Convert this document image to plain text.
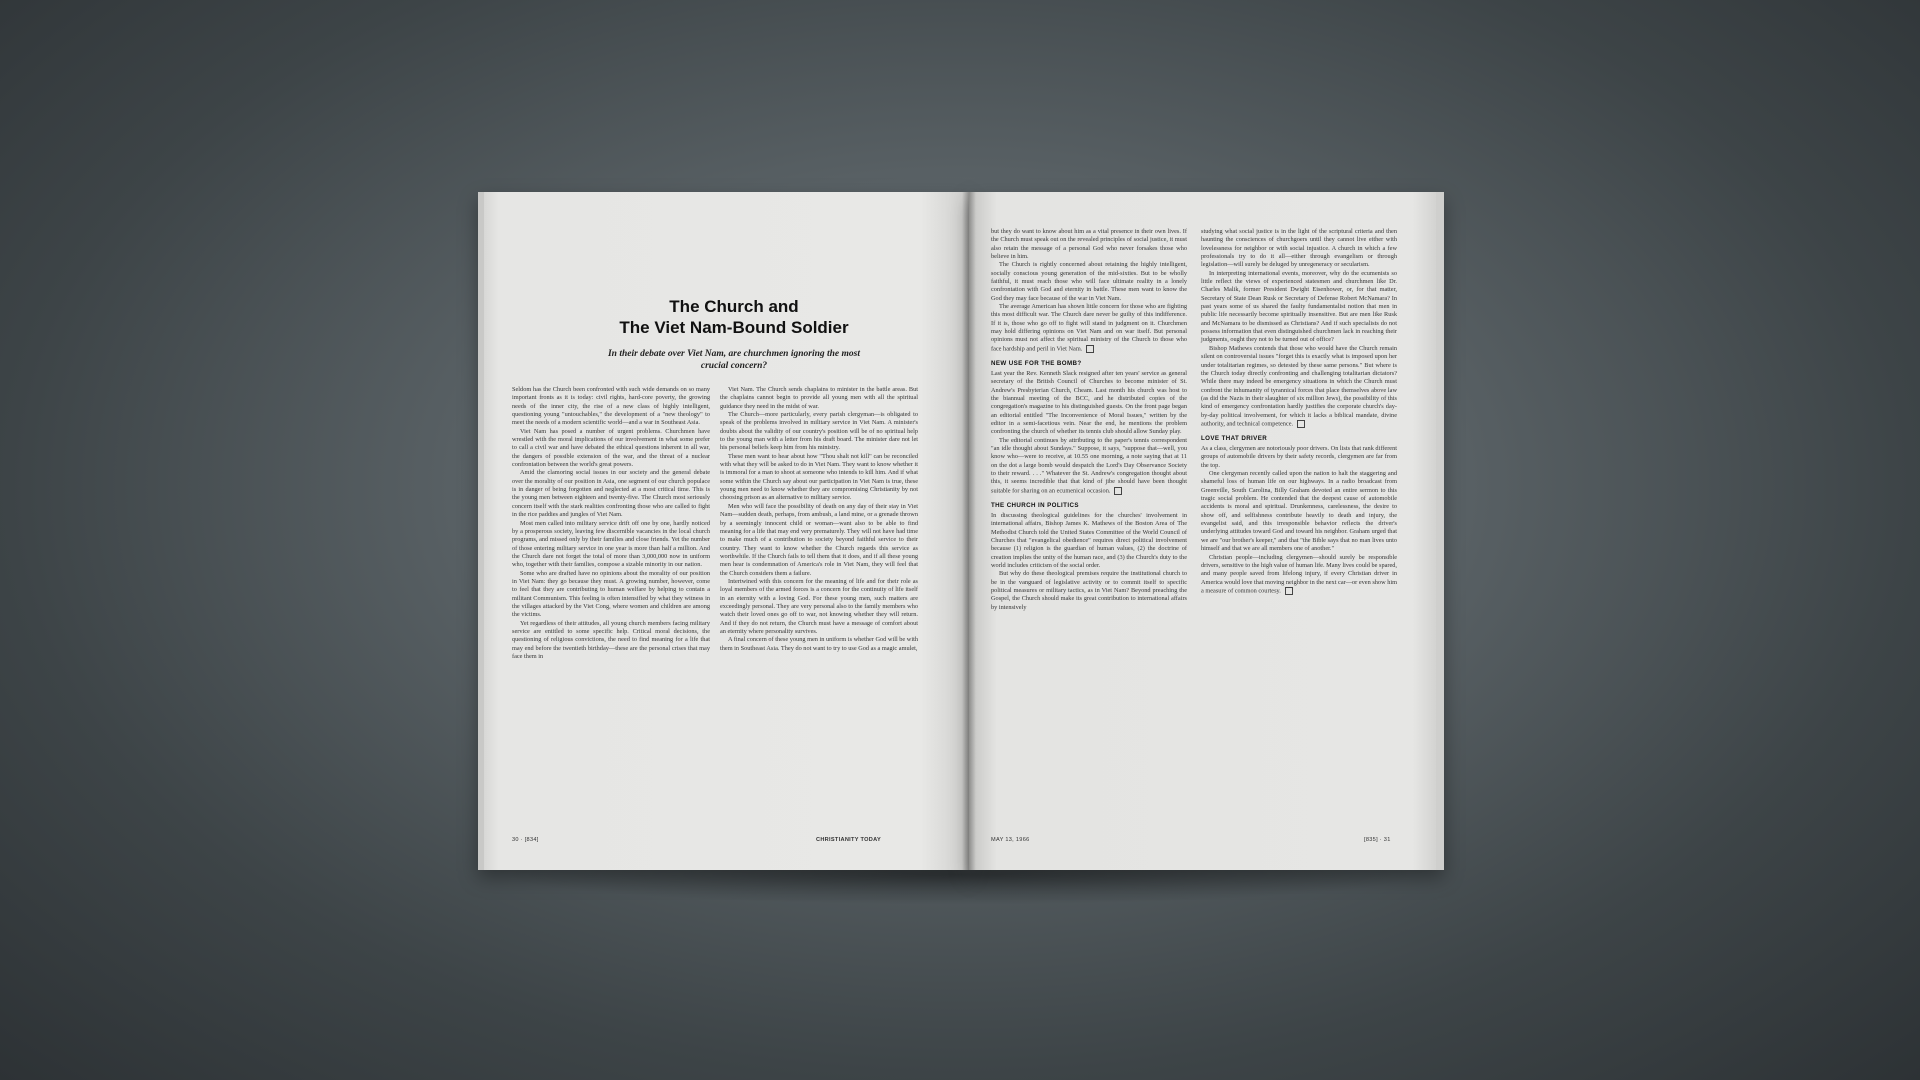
The Church and
The Viet Nam-Bound Soldier
In their debate over Viet Nam, are churchmen ignoring the most crucial concern?

Seldom has the Church been confronted with such wide demands on so many important fronts as it is today: civil rights, hard-core poverty, the growing needs of the inner city, the rise of a new class of highly intelligent, questioning young "untouchables," the development of a "new theology" to meet the needs of a modern scientific world—and a war in Southeast Asia.

Viet Nam has posed a number of urgent problems. Churchmen have wrestled with the moral implications of our involvement in what some prefer to call a civil war and have debated the ethical questions inherent in all war, the dangers of possible extension of the war, and the threat of a nuclear confrontation between the world's great powers.

Amid the clamoring social issues in our society and the general debate over the morality of our position in Asia, one segment of our church populace is in danger of being forgotten and neglected at a most critical time. This is the young men between eighteen and twenty-five. The Church most seriously concern itself with the stark realities confronting those who are called to fight in the rice paddies and jungles of Viet Nam.

Most men called into military service drift off one by one, hardly noticed by a prosperous society, leaving few discernible vacancies in the local church programs, and missed only by their families and close friends. Yet the number of those entering military service in one year is more than half a million. And the Church dare not forget the total of more than 3,000,000 now in uniform who, together with their families, compose a sizable minority in our nation.

Some who are drafted have no opinions about the morality of our position in Viet Nam: they go because they must. A growing number, however, come to feel that they are contributing to human welfare by helping to contain a militant Communism. This feeling is often intensified by what they witness in the villages attacked by the Viet Cong, where women and children are among the victims.

Yet regardless of their attitudes, all young church members facing military service are entitled to some specific help. Critical moral decisions, the questioning of religious convictions, the need to find meaning for a life that may end before the twentieth birthday—these are the personal crises that may face them in

Viet Nam. The Church sends chaplains to minister in the battle areas. But the chaplains cannot begin to provide all young men with all the spiritual guidance they need in the midst of war.

The Church—more particularly, every parish clergyman—is obligated to speak of the problems involved in military service in Viet Nam. A minister's doubts about the validity of our country's position will be of no spiritual help to the young man with a letter from his draft board. The minister dare not let his personal beliefs keep him from his ministry.

These men want to hear about how "Thou shalt not kill" can be reconciled with what they will be asked to do in Viet Nam. They want to know whether it is immoral for a man to shoot at someone who intends to kill him. And if what some within the Church say about our participation in Viet Nam is true, these young men need to know whether they are compromising Christianity by not choosing prison as an alternative to military service.

Men who will face the possibility of death on any day of their stay in Viet Nam—sudden death, perhaps, from ambush, a land mine, or a grenade thrown by a seemingly innocent child or woman—want also to be able to find meaning for a life that may end very prematurely. They will not have had time to make much of a contribution to society beyond faithful service to their country. They want to know whether the Church regards this service as worthwhile. If the Church fails to tell them that it does, and if all these young men hear is condemnation of America's role in Viet Nam, they will feel that the Church considers them a failure.

Intertwined with this concern for the meaning of life and for their role as loyal members of the armed forces is a concern for the continuity of life itself in an eternity with a loving God. For these young men, such matters are exceedingly personal. They are very personal also to the family members who watch their loved ones go off to war, not knowing whether they will return. And if they do not return, the Church must have a message of comfort about an eternity where personality survives.

A final concern of these young men in uniform is whether God will be with them in Southeast Asia. They do not want to try to use God as a magic amulet,

30 · [834]	CHRISTIANITY TODAY

but they do want to know about him as a vital presence in their own lives. If the Church must speak out on the revealed principles of social justice, it must also retain the message of a personal God who never forsakes those who believe in him.

The Church is rightly concerned about retaining the highly intelligent, socially conscious young generation of the mid-sixties. But to be wholly faithful, it must reach those who will face ultimate reality in a lonely confrontation with God and eternity in battle. These men want to know the God they may face because of the war in Viet Nam.

The average American has shown little concern for those who are fighting this most difficult war. The Church dare never be guilty of this indifference. If it is, those who go off to fight will stand in judgment on it. Churchmen may hold differing opinions on Viet Nam and on war itself. But personal opinions must not affect the spiritual ministry of the Church to those who face hardship and peril in Viet Nam.

NEW USE FOR THE BOMB?

Last year the Rev. Kenneth Slack resigned after ten years' service as general secretary of the British Council of Churches to become minister of St. Andrew's Presbyterian Church, Cheam. Last month his church was host to the biannual meeting of the BCC, and he distributed copies of the congregation's magazine to his distinguished guests. On the front page began an editorial entitled "The Inconvenience of Moral Issues," written by the editor in a semi-facetious vein. Near the end, he mentions the problem confronting the church of whether its tennis club should allow Sunday play.

The editorial continues by attributing to the paper's tennis correspondent "an idle thought about Sundays." Suppose, it says, "suppose that—well, you know who—were to receive, at 10.55 one morning, a note saying that at 11 on the dot a large bomb would despatch the Lord's Day Observance Society to their reward. . . ." Whatever the St. Andrew's congregation thought about this, it seems incredible that that kind of jibe should have been thought suitable for sharing on an ecumenical occasion.

THE CHURCH IN POLITICS

In discussing theological guidelines for the churches' involvement in international affairs, Bishop James K. Mathews of the Boston Area of The Methodist Church told the United States Committee of the World Council of Churches that "evangelical obedience" requires direct political involvement because (1) religion is the guardian of human values, (2) the doctrine of creation implies the unity of the human race, and (3) the Church's duty to the world includes criticism of the social order.

But why do these theological premises require the institutional church to be in the vanguard of legislative activity or to commit itself to specific political measures or military tactics, as in Viet Nam? Beyond preaching the Gospel, the Church should make its great contribution to international affairs by intensively

studying what social justice is in the light of the scriptural criteria and then haunting the consciences of churchgoers until they cannot live either with lovelessness for neighbor or with social injustice. A church in which a few professionals try to do it all—either through evangelism or through legislation—will surely be deluged by unregeneracy or secularism.

In interpreting international events, moreover, why do the ecumenists so little reflect the views of experienced statesmen and churchmen like Dr. Charles Malik, former President Dwight Eisenhower, or, for that matter, Secretary of State Dean Rusk or Secretary of Defense Robert McNamara? In past years some of us shared the faulty fundamentalist notion that men in public life necessarily become spiritually insensitive. But are men like Rusk and McNamara to be dismissed as Christians? And if such specialists do not possess information that even distinguished churchmen lack in reaching their judgments, ought they not to be turned out of office?

Bishop Mathews contends that those who would have the Church remain silent on controversial issues "forget this is exactly what is imposed upon her under totalitarian regimes, so detested by these same persons." But where is the Church today directly confronting and challenging totalitarian dictators? While there may indeed be emergency situations in which the Church must confront the inhumanity of tyrannical forces that place themselves above law (as did the Nazis in their slaughter of six million Jews), the possibility of this kind of emergency confrontation hardly justifies the corporate church's day-by-day political involvement, for which it lacks a biblical mandate, divine authority, and technical competence.

LOVE THAT DRIVER

As a class, clergymen are notoriously poor drivers. On lists that rank different groups of automobile drivers by their safety records, clergymen are far from the top.

One clergyman recently called upon the nation to halt the staggering and shameful loss of human life on our highways. In a radio broadcast from Greenville, South Carolina, Billy Graham devoted an entire sermon to this tragic social problem. He contended that the deepest cause of automobile accidents is moral and spiritual. Drunkenness, carelessness, the desire to show off, and selfishness contribute heavily to death and injury, the evangelist said, and this irresponsible behavior reflects the driver's underlying attitudes toward God and toward his neighbor. Graham urged that we are "our brother's keeper," and that "the Bible says that no man lives unto himself and that we are all members one of another."

Christian people—including clergymen—should surely be responsible drivers, sensitive to the high value of human life. Many lives could be spared, and many people saved from lifelong injury, if every Christian driver in America would love that moving neighbor in the next car—or even show him a measure of common courtesy.

MAY 13, 1966	[835] · 31
